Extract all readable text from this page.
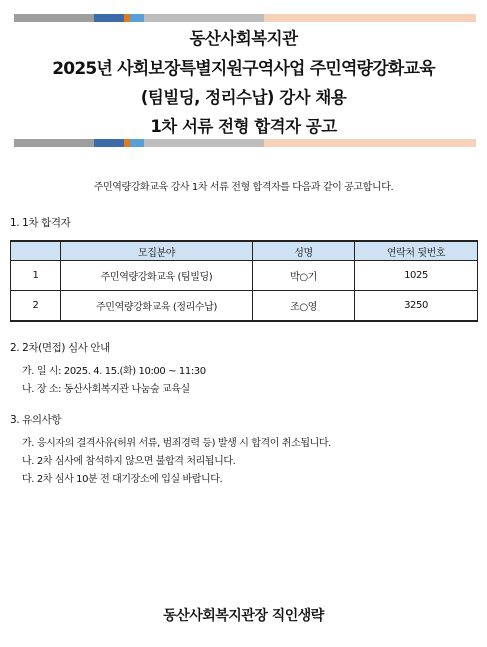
동산사회복지관
2025년 사회보장특별지원구역사업 주민역량강화교육
(팀빌딩, 정리수납) 강사 채용
1차 서류 전형 합격자 공고
주민역량강화교육 강사 1차 서류 전형 합격자를 다음과 같이 공고합니다.
1. 1차 합격자
	모집분야	성명	연락처 뒷번호
1	주민역량강화교육 (팀빌딩)	박○기	1025
2	주민역량강화교육 (정리수납)	조○영	3250
2. 2차(면접) 심사 안내
가. 일 시: 2025. 4. 15.(화) 10:00 ~ 11:30
나. 장 소: 동산사회복지관 나눔숲 교육실
3. 유의사항
가. 응시자의 결격사유(허위 서류, 범죄경력 등) 발생 시 합격이 취소됩니다.
나. 2차 심사에 참석하지 않으면 불합격 처리됩니다.
다. 2차 심사 10분 전 대기장소에 입실 바랍니다.
동산사회복지관장 직인생략
